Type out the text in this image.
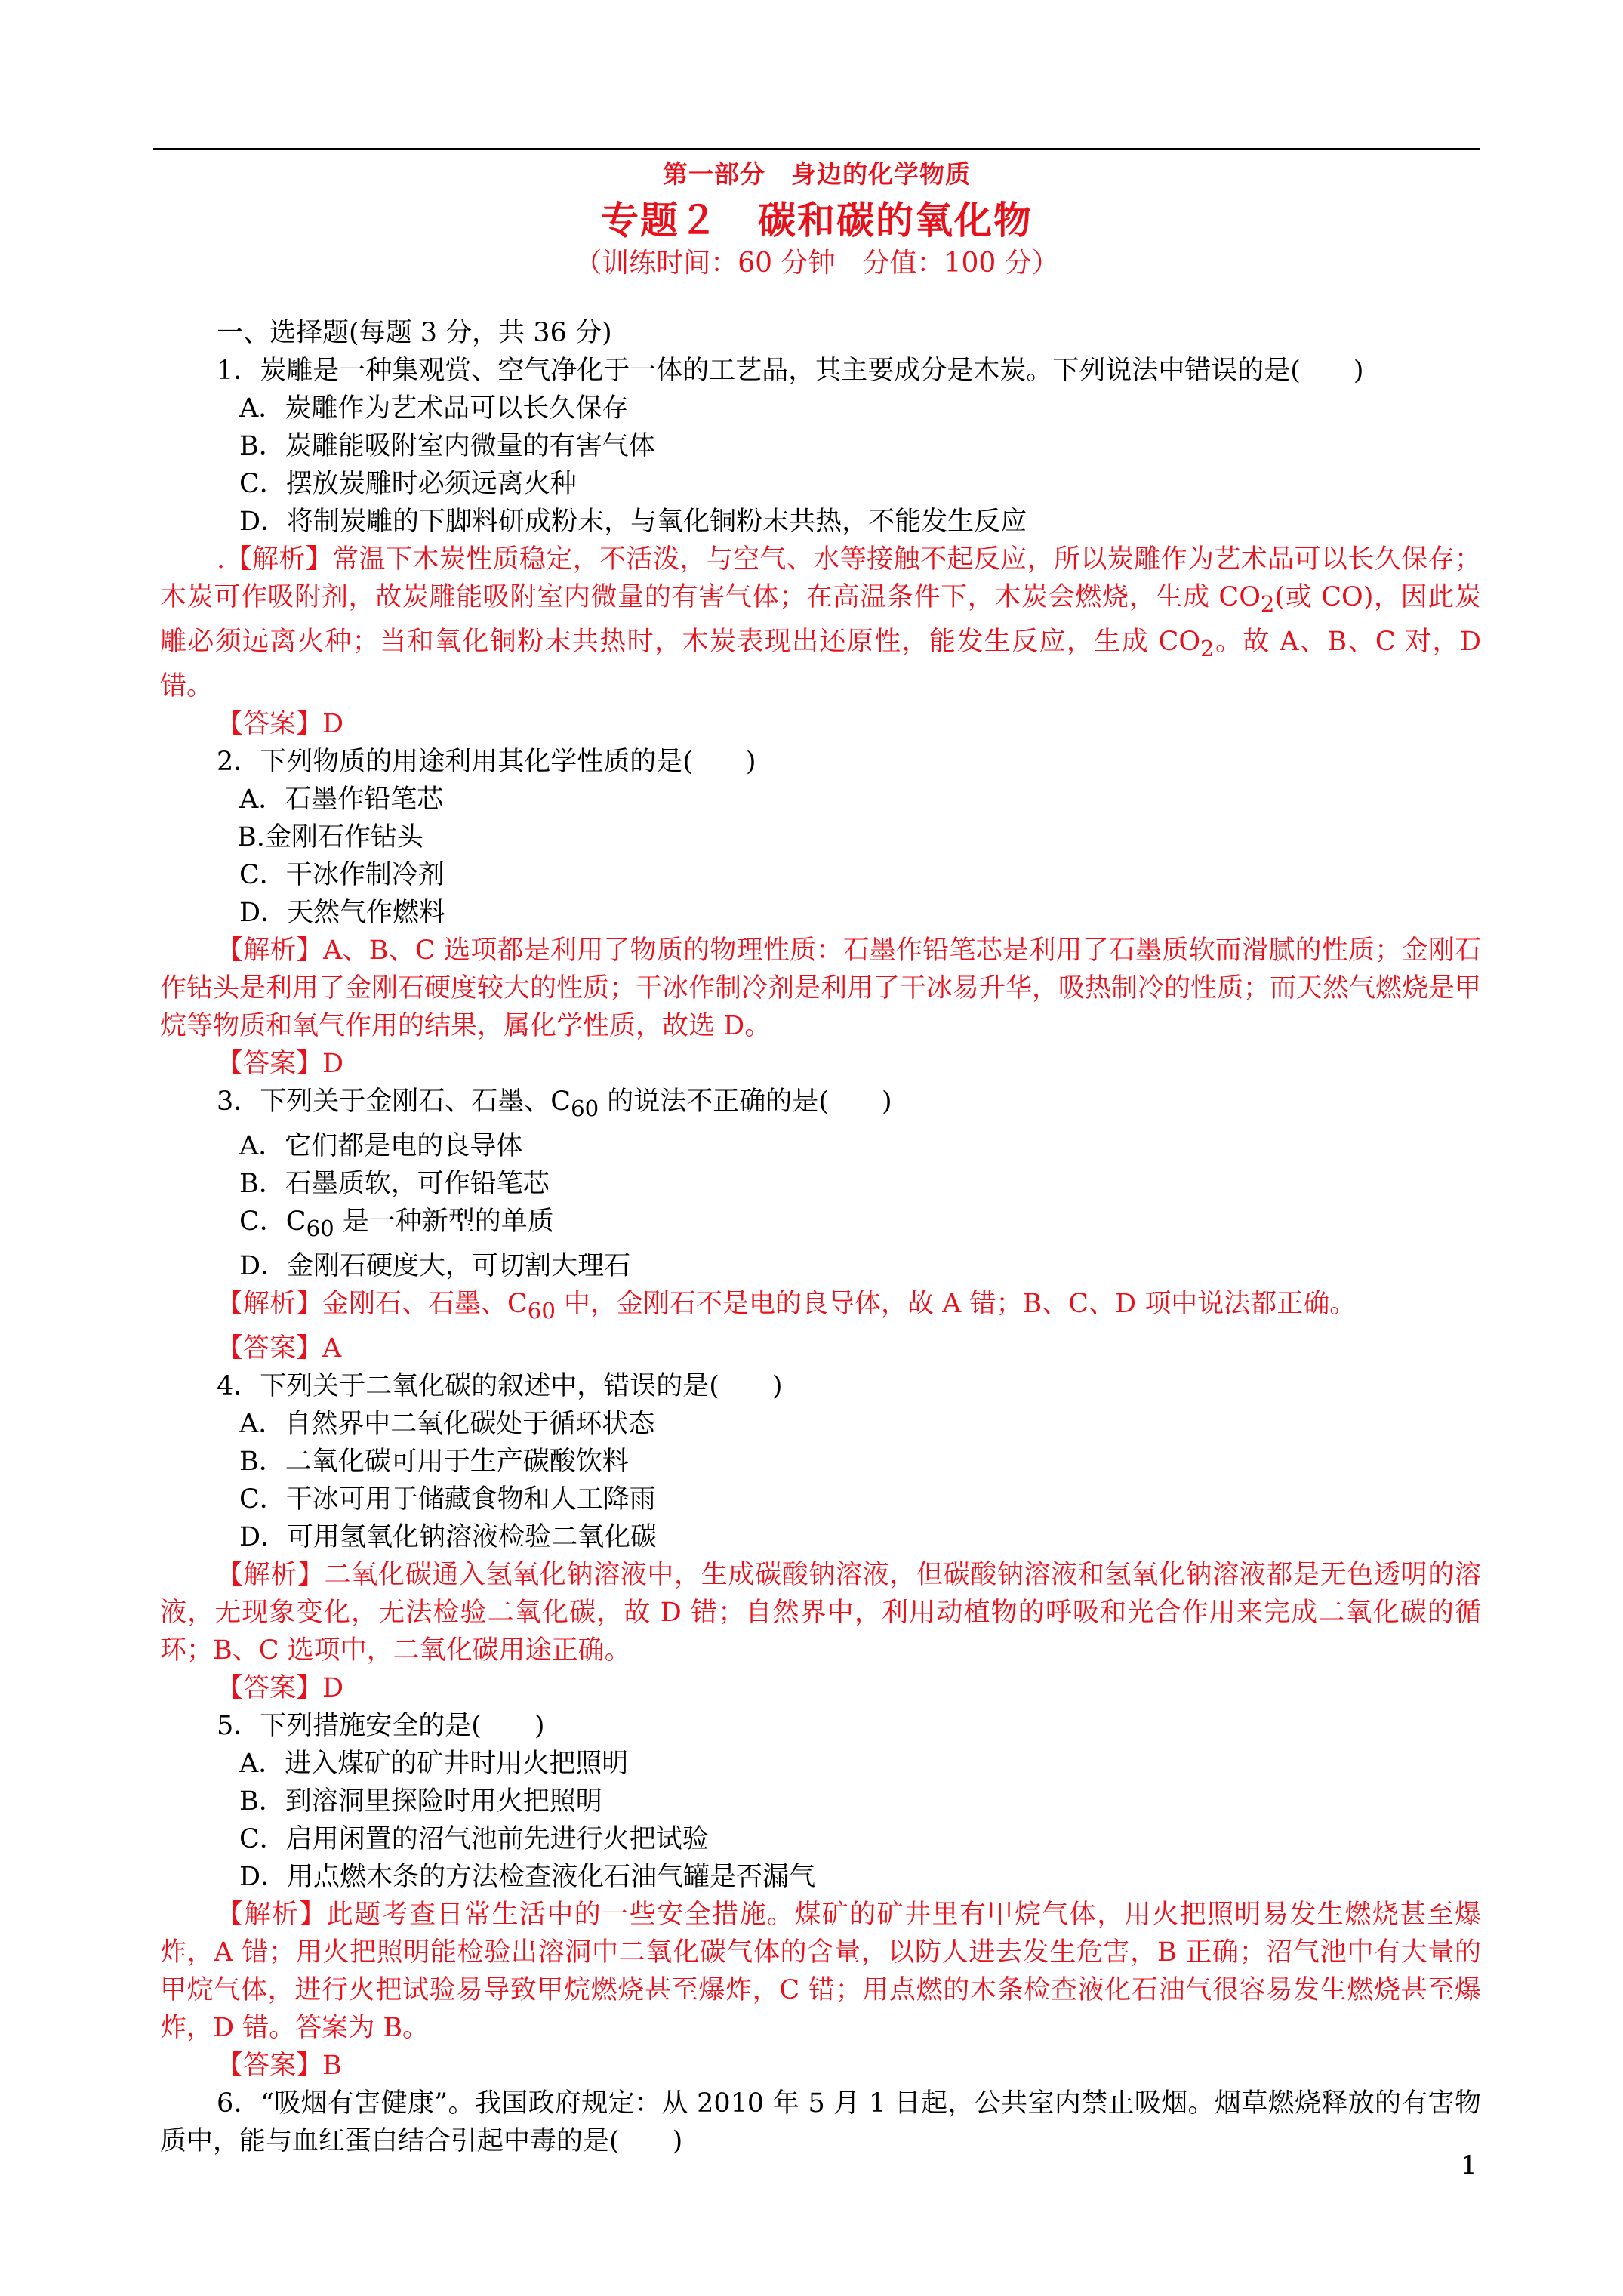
第一部分　身边的化学物质
专题２　碳和碳的氧化物
（训练时间：60 分钟　分值：100 分）
一、选择题(每题 3 分，共 36 分)
1．炭雕是一种集观赏、空气净化于一体的工艺品，其主要成分是木炭。下列说法中错误的是(　　)
A．炭雕作为艺术品可以长久保存
B．炭雕能吸附室内微量的有害气体
C．摆放炭雕时必须远离火种
D．将制炭雕的下脚料研成粉末，与氧化铜粉末共热，不能发生反应
.【解析】常温下木炭性质稳定，不活泼，与空气、水等接触不起反应，所以炭雕作为艺术品可以长久保存；木炭可作吸附剂，故炭雕能吸附室内微量的有害气体；在高温条件下，木炭会燃烧，生成 $CO_2$(或 CO)，因此炭雕必须远离火种；当和氧化铜粉末共热时，木炭表现出还原性，能发生反应，生成 $CO_2$。故 A、B、C 对，D 错。
【答案】D
2．下列物质的用途利用其化学性质的是(　　)
A．石墨作铅笔芯
B.金刚石作钻头
C．干冰作制冷剂
D．天然气作燃料
【解析】A、B、C 选项都是利用了物质的物理性质：石墨作铅笔芯是利用了石墨质软而滑腻的性质；金刚石作钻头是利用了金刚石硬度较大的性质；干冰作制冷剂是利用了干冰易升华，吸热制冷的性质；而天然气燃烧是甲烷等物质和氧气作用的结果，属化学性质，故选 D。
【答案】D
3．下列关于金刚石、石墨、$C_{60}$ 的说法不正确的是(　　)
A．它们都是电的良导体
B．石墨质软，可作铅笔芯
C．$C_{60}$ 是一种新型的单质
D．金刚石硬度大，可切割大理石
【解析】金刚石、石墨、$C_{60}$ 中，金刚石不是电的良导体，故 A 错；B、C、D 项中说法都正确。
【答案】A
4．下列关于二氧化碳的叙述中，错误的是(　　)
A．自然界中二氧化碳处于循环状态
B．二氧化碳可用于生产碳酸饮料
C．干冰可用于储藏食物和人工降雨
D．可用氢氧化钠溶液检验二氧化碳
【解析】二氧化碳通入氢氧化钠溶液中，生成碳酸钠溶液，但碳酸钠溶液和氢氧化钠溶液都是无色透明的溶液，无现象变化，无法检验二氧化碳，故 D 错；自然界中，利用动植物的呼吸和光合作用来完成二氧化碳的循环；B、C 选项中，二氧化碳用途正确。
【答案】D
5．下列措施安全的是(　　)
A．进入煤矿的矿井时用火把照明
B．到溶洞里探险时用火把照明
C．启用闲置的沼气池前先进行火把试验
D．用点燃木条的方法检查液化石油气罐是否漏气
【解析】此题考查日常生活中的一些安全措施。煤矿的矿井里有甲烷气体，用火把照明易发生燃烧甚至爆炸，A 错；用火把照明能检验出溶洞中二氧化碳气体的含量，以防人进去发生危害，B 正确；沼气池中有大量的甲烷气体，进行火把试验易导致甲烷燃烧甚至爆炸，C 错；用点燃的木条检查液化石油气很容易发生燃烧甚至爆炸，D 错。答案为 B。
【答案】B
6．“吸烟有害健康”。我国政府规定：从 2010 年 5 月 1 日起，公共室内禁止吸烟。烟草燃烧释放的有害物质中，能与血红蛋白结合引起中毒的是(　　)
1
